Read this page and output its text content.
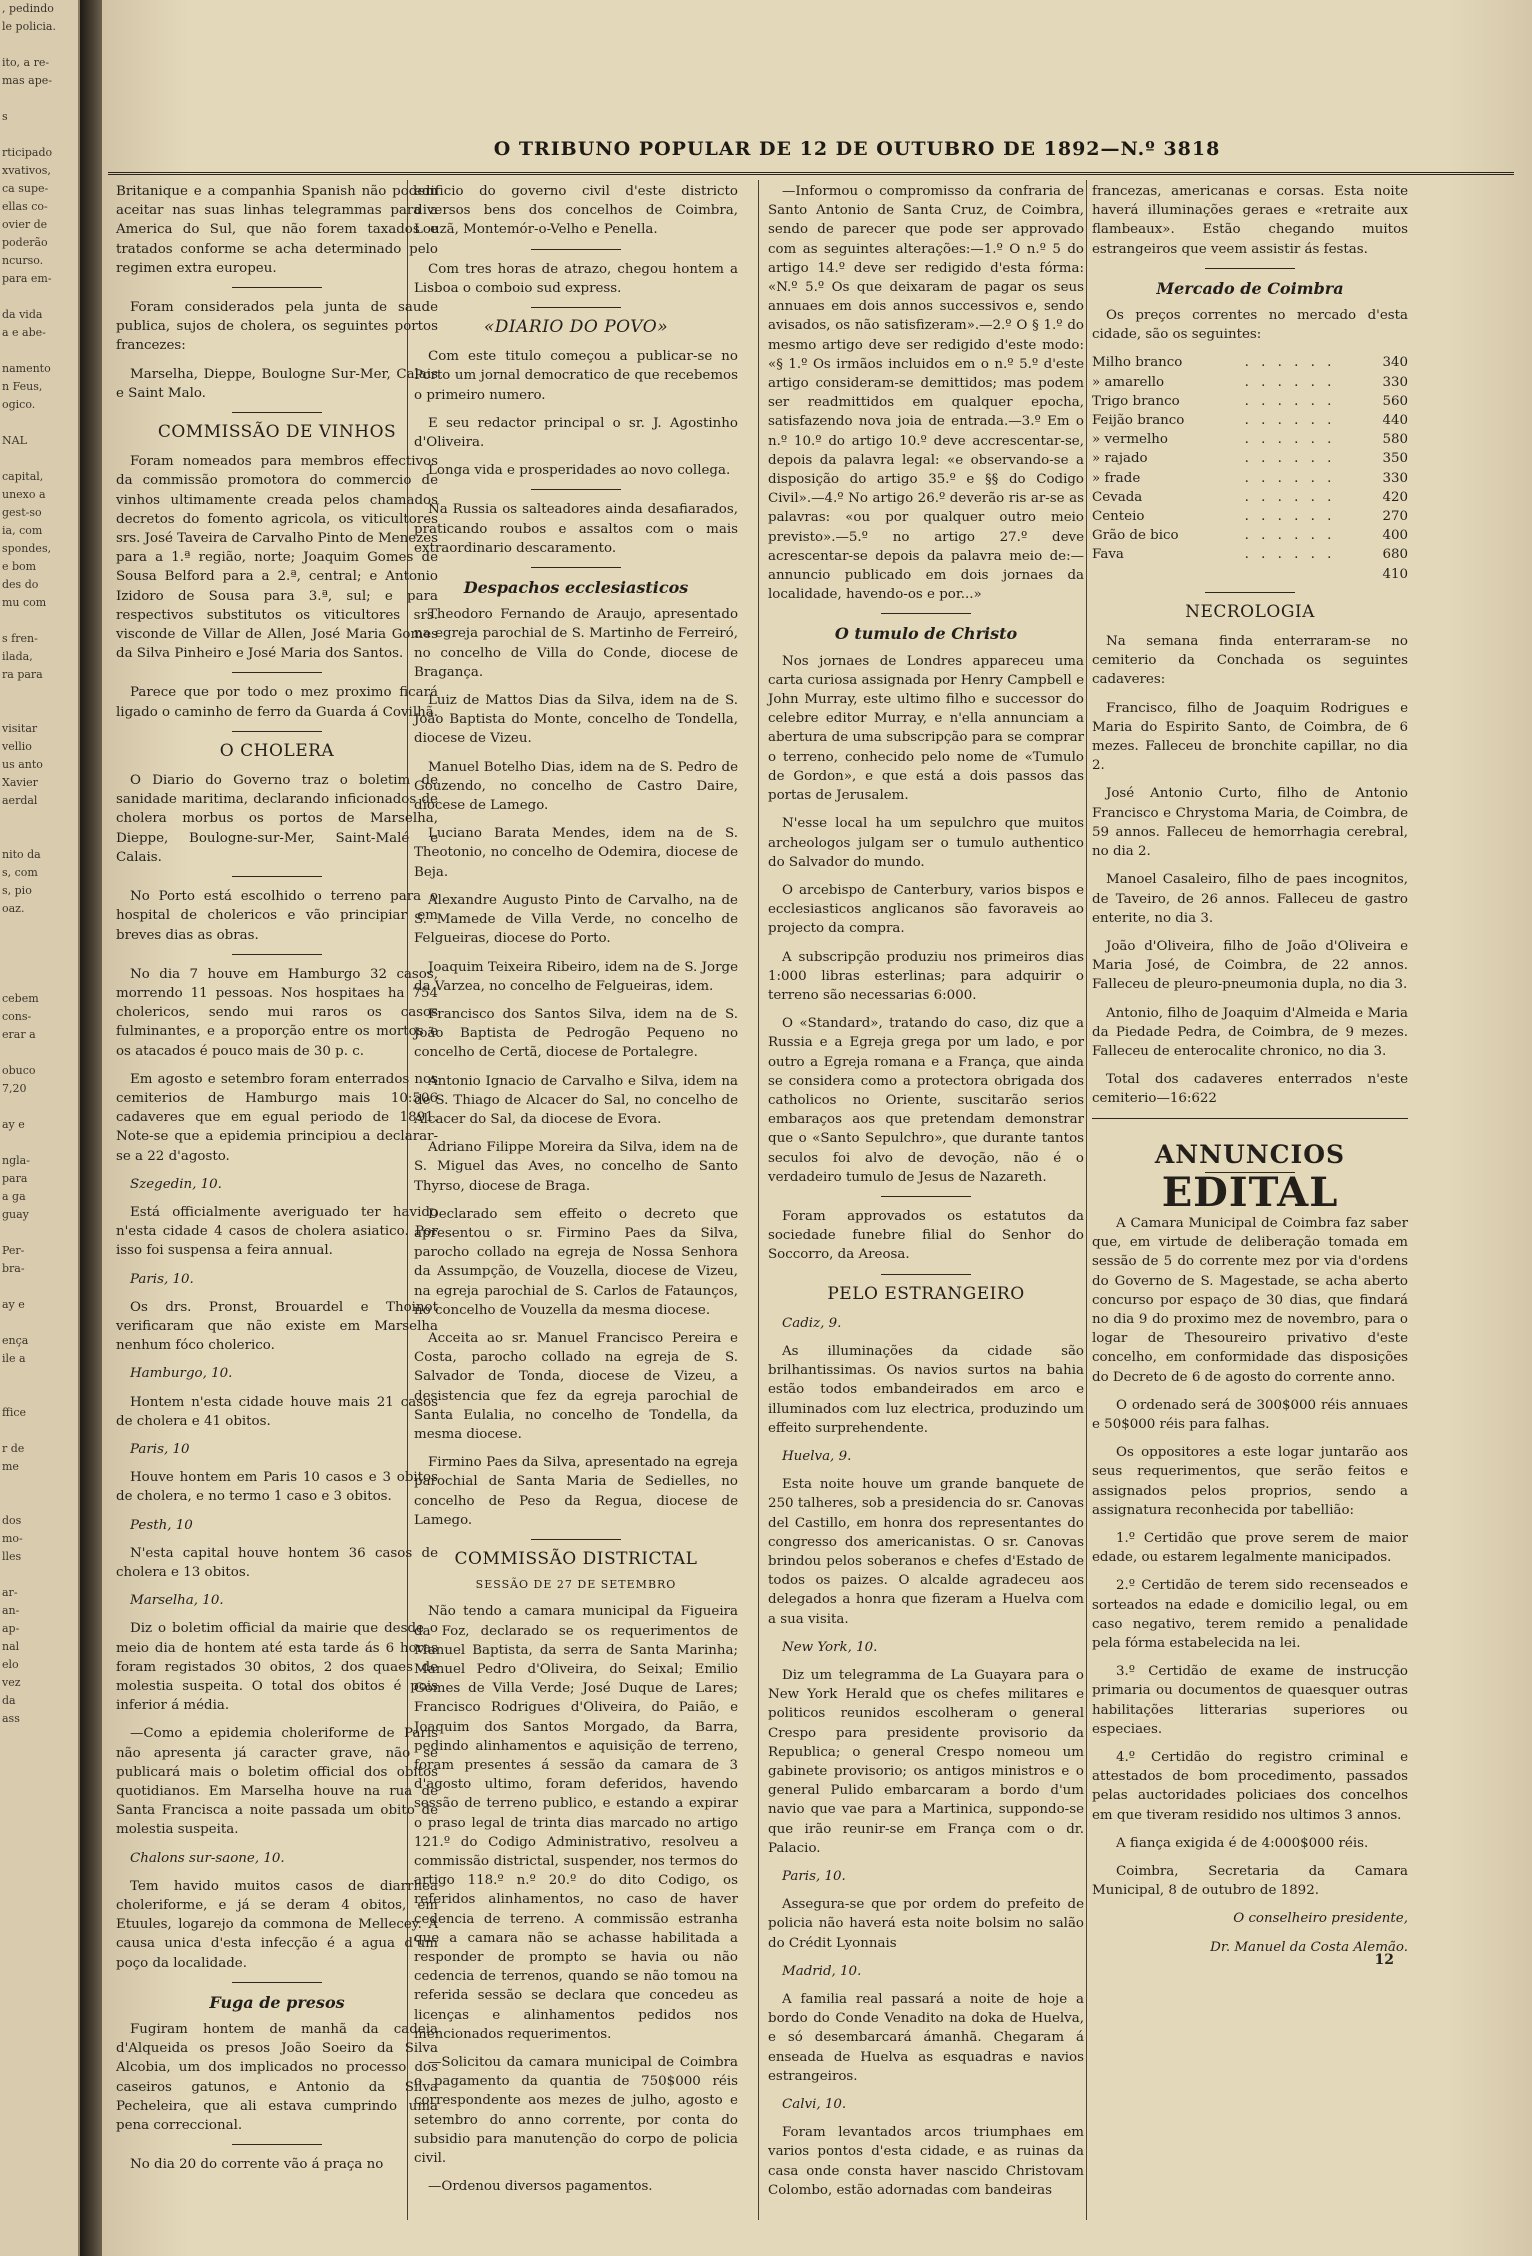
, pedindo
le policia.

ito, a re-
mas ape-

s

rticipado
xvativos,
ca supe-
ellas co-
ovier de
poderão
ncurso.
para em-

da vida
a e abe-

namento
n Feus,
ogico.

NAL

capital,
unexo a
gest-so
ia, com
spondes,
e bom
des do
mu com

s fren-
ilada,
ra para

visitar
vellio
us anto
Xavier
aerdal

nito da
s, com
s, pio
oaz.

cebem
cons-
erar a

obuco
7,20

ay e

ngla-
para
a ga
guay

Per-
bra-

ay e

ença
ile a

ffice

r de
me

dos
mo-
lles

ar-
an-
ap-
nal
elo
vez
da
ass
O TRIBUNO POPULAR DE 12 DE OUTUBRO DE 1892—N.º 3818

Britanique e a companhia Spanish não podem aceitar nas suas linhas telegrammas para a America do Sul, que não forem taxados e tratados conforme se acha determinado pelo regimen extra europeu.

Foram considerados pela junta de saude publica, sujos de cholera, os seguintes portos francezes:

Marselha, Dieppe, Boulogne Sur-Mer, Calais e Saint Malo.

COMMISSÃO DE VINHOS

Foram nomeados para membros effectivos da commissão promotora do commercio de vinhos ultimamente creada pelos chamados decretos do fomento agricola, os viticultores srs. José Taveira de Carvalho Pinto de Menezes para a 1.ª região, norte; Joaquim Gomes de Sousa Belford para a 2.ª, central; e Antonio Izidoro de Sousa para 3.ª, sul; e para respectivos substitutos os viticultores srs. visconde de Villar de Allen, José Maria Gomes da Silva Pinheiro e José Maria dos Santos.

Parece que por todo o mez proximo ficará ligado o caminho de ferro da Guarda á Covilhã.

O CHOLERA

O Diario do Governo traz o boletim de sanidade maritima, declarando inficionados de cholera morbus os portos de Marselha, Dieppe, Boulogne-sur-Mer, Saint-Malé e Calais.

No Porto está escolhido o terreno para o hospital de cholericos e vão principiar em breves dias as obras.

No dia 7 houve em Hamburgo 32 casos, morrendo 11 pessoas. Nos hospitaes ha 754 cholericos, sendo mui raros os casos fulminantes, e a proporção entre os mortos e os atacados é pouco mais de 30 p. c.

Em agosto e setembro foram enterrados nos cemiterios de Hamburgo mais 10:506 cadaveres que em egual periodo de 1891. Note-se que a epidemia principiou a declarar-se a 22 d'agosto.

Szegedin, 10.

Está officialmente averiguado ter havido n'esta cidade 4 casos de cholera asiatico. Por isso foi suspensa a feira annual.

Paris, 10.

Os drs. Pronst, Brouardel e Thoinot verificaram que não existe em Marselha nenhum fóco cholerico.

Hamburgo, 10.

Hontem n'esta cidade houve mais 21 casos de cholera e 41 obitos.

Paris, 10

Houve hontem em Paris 10 casos e 3 obitos de cholera, e no termo 1 caso e 3 obitos.

Pesth, 10

N'esta capital houve hontem 36 casos de cholera e 13 obitos.

Marselha, 10.

Diz o boletim official da mairie que desde o meio dia de hontem até esta tarde ás 6 horas foram registados 30 obitos, 2 dos quaes de molestia suspeita. O total dos obitos é pois inferior á média.

—Como a epidemia choleriforme de Paris não apresenta já caracter grave, não se publicará mais o boletim official dos obitos quotidianos. Em Marselha houve na rua de Santa Francisca a noite passada um obito de molestia suspeita.

Chalons sur-saone, 10.

Tem havido muitos casos de diarrhea choleriforme, e já se deram 4 obitos, em Etuules, logarejo da commona de Mellecey. A causa unica d'esta infecção é a agua d'um poço da localidade.

Fuga de presos

Fugiram hontem de manhã da cadeia d'Alqueida os presos João Soeiro da Silva Alcobia, um dos implicados no processo dos caseiros gatunos, e Antonio da Silva Pecheleira, que ali estava cumprindo uma pena correccional.

No dia 20 do corrente vão á praça no

edificio do governo civil d'este districto diversos bens dos concelhos de Coimbra, Louzã, Montemór-o-Velho e Penella.

Com tres horas de atrazo, chegou hontem a Lisboa o comboio sud express.

«DIARIO DO POVO»

Com este titulo começou a publicar-se no Porto um jornal democratico de que recebemos o primeiro numero.

E seu redactor principal o sr. J. Agostinho d'Oliveira.

Longa vida e prosperidades ao novo collega.

Na Russia os salteadores ainda desafiarados, praticando roubos e assaltos com o mais extraordinario descaramento.

Despachos ecclesiasticos

Theodoro Fernando de Araujo, apresentado na egreja parochial de S. Martinho de Ferreiró, no concelho de Villa do Conde, diocese de Bragança.

Luiz de Mattos Dias da Silva, idem na de S. João Baptista do Monte, concelho de Tondella, diocese de Vizeu.

Manuel Botelho Dias, idem na de S. Pedro de Gouzendo, no concelho de Castro Daire, diocese de Lamego.

Luciano Barata Mendes, idem na de S. Theotonio, no concelho de Odemira, diocese de Beja.

Alexandre Augusto Pinto de Carvalho, na de S. Mamede de Villa Verde, no concelho de Felgueiras, diocese do Porto.

Joaquim Teixeira Ribeiro, idem na de S. Jorge da Varzea, no concelho de Felgueiras, idem.

Francisco dos Santos Silva, idem na de S. João Baptista de Pedrogão Pequeno no concelho de Certã, diocese de Portalegre.

Antonio Ignacio de Carvalho e Silva, idem na de S. Thiago de Alcacer do Sal, no concelho de Alcacer do Sal, da diocese de Evora.

Adriano Filippe Moreira da Silva, idem na de S. Miguel das Aves, no concelho de Santo Thyrso, diocese de Braga.

Declarado sem effeito o decreto que apresentou o sr. Firmino Paes da Silva, parocho collado na egreja de Nossa Senhora da Assumpção, de Vouzella, diocese de Vizeu, na egreja parochial de S. Carlos de Fataunços, no concelho de Vouzella da mesma diocese.

Acceita ao sr. Manuel Francisco Pereira e Costa, parocho collado na egreja de S. Salvador de Tonda, diocese de Vizeu, a desistencia que fez da egreja parochial de Santa Eulalia, no concelho de Tondella, da mesma diocese.

Firmino Paes da Silva, apresentado na egreja parochial de Santa Maria de Sedielles, no concelho de Peso da Regua, diocese de Lamego.

COMMISSÃO DISTRICTAL
SESSÃO DE 27 DE SETEMBRO

Não tendo a camara municipal da Figueira da Foz, declarado se os requerimentos de Manuel Baptista, da serra de Santa Marinha; Manuel Pedro d'Oliveira, do Seixal; Emilio Gomes de Villa Verde; José Duque de Lares; Francisco Rodrigues d'Oliveira, do Paião, e Joaquim dos Santos Morgado, da Barra, pedindo alinhamentos e aquisição de terreno, foram presentes á sessão da camara de 3 d'agosto ultimo, foram deferidos, havendo sessão de terreno publico, e estando a expirar o praso legal de trinta dias marcado no artigo 121.º do Codigo Administrativo, resolveu a commissão districtal, suspender, nos termos do artigo 118.º n.º 20.º do dito Codigo, os referidos alinhamentos, no caso de haver cedencia de terreno. A commissão estranha que a camara não se achasse habilitada a responder de prompto se havia ou não cedencia de terrenos, quando se não tomou na referida sessão se declara que concedeu as licenças e alinhamentos pedidos nos mencionados requerimentos.

—Solicitou da camara municipal de Coimbra o pagamento da quantia de 750$000 réis correspondente aos mezes de julho, agosto e setembro do anno corrente, por conta do subsidio para manutenção do corpo de policia civil.

—Ordenou diversos pagamentos.

—Informou o compromisso da confraria de Santo Antonio de Santa Cruz, de Coimbra, sendo de parecer que pode ser approvado com as seguintes alterações:—1.º O n.º 5 do artigo 14.º deve ser redigido d'esta fórma: «N.º 5.º Os que deixaram de pagar os seus annuaes em dois annos successivos e, sendo avisados, os não satisfizeram».—2.º O § 1.º do mesmo artigo deve ser redigido d'este modo: «§ 1.º Os irmãos incluidos em o n.º 5.º d'este artigo consideram-se demittidos; mas podem ser readmittidos em qualquer epocha, satisfazendo nova joia de entrada.—3.º Em o n.º 10.º do artigo 10.º deve accrescentar-se, depois da palavra legal: «e observando-se a disposição do artigo 35.º e §§ do Codigo Civil».—4.º No artigo 26.º deverão ris ar-se as palavras: «ou por qualquer outro meio previsto».—5.º no artigo 27.º deve acrescentar-se depois da palavra meio de:—annuncio publicado em dois jornaes da localidade, havendo-os e por...»

O tumulo de Christo

Nos jornaes de Londres appareceu uma carta curiosa assignada por Henry Campbell e John Murray, este ultimo filho e successor do celebre editor Murray, e n'ella annunciam a abertura de uma subscripção para se comprar o terreno, conhecido pelo nome de «Tumulo de Gordon», e que está a dois passos das portas de Jerusalem.

N'esse local ha um sepulchro que muitos archeologos julgam ser o tumulo authentico do Salvador do mundo.

O arcebispo de Canterbury, varios bispos e ecclesiasticos anglicanos são favoraveis ao projecto da compra.

A subscripção produziu nos primeiros dias 1:000 libras esterlinas; para adquirir o terreno são necessarias 6:000.

O «Standard», tratando do caso, diz que a Russia e a Egreja grega por um lado, e por outro a Egreja romana e a França, que ainda se considera como a protectora obrigada dos catholicos no Oriente, suscitarão serios embaraços aos que pretendam demonstrar que o «Santo Sepulchro», que durante tantos seculos foi alvo de devoção, não é o verdadeiro tumulo de Jesus de Nazareth.

Foram approvados os estatutos da sociedade funebre filial do Senhor do Soccorro, da Areosa.

PELO ESTRANGEIRO

Cadiz, 9.

As illuminações da cidade são brilhantissimas. Os navios surtos na bahia estão todos embandeirados em arco e illuminados com luz electrica, produzindo um effeito surprehendente.

Huelva, 9.

Esta noite houve um grande banquete de 250 talheres, sob a presidencia do sr. Canovas del Castillo, em honra dos representantes do congresso dos americanistas. O sr. Canovas brindou pelos soberanos e chefes d'Estado de todos os paizes. O alcalde agradeceu aos delegados a honra que fizeram a Huelva com a sua visita.

New York, 10.

Diz um telegramma de La Guayara para o New York Herald que os chefes militares e politicos reunidos escolheram o general Crespo para presidente provisorio da Republica; o general Crespo nomeou um gabinete provisorio; os antigos ministros e o general Pulido embarcaram a bordo d'um navio que vae para a Martinica, suppondo-se que irão reunir-se em França com o dr. Palacio.

Paris, 10.

Assegura-se que por ordem do prefeito de policia não haverá esta noite bolsim no salão do Crédit Lyonnais

Madrid, 10.

A familia real passará a noite de hoje a bordo do Conde Venadito na doka de Huelva, e só desembarcará ámanhã. Chegaram á enseada de Huelva as esquadras e navios estrangeiros.

Calvi, 10.

Foram levantados arcos triumphaes em varios pontos d'esta cidade, e as ruinas da casa onde consta haver nascido Christovam Colombo, estão adornadas com bandeiras

francezas, americanas e corsas. Esta noite haverá illuminações geraes e «retraite aux flambeaux». Estão chegando muitos estrangeiros que veem assistir ás festas.

Mercado de Coimbra

Os preços correntes no mercado d'esta cidade, são os seguintes:

Milho branco	. . . . . .	340
» amarello	. . . . . .	330
Trigo branco	. . . . . .	560
Feijão branco	. . . . . .	440
» vermelho	. . . . . .	580
» rajado	. . . . . .	350
» frade	. . . . . .	330
Cevada	. . . . . .	420
Centeio	. . . . . .	270
Grão de bico	. . . . . .	400
Fava	. . . . . .	680
410
NECROLOGIA

Na semana finda enterraram-se no cemiterio da Conchada os seguintes cadaveres:

Francisco, filho de Joaquim Rodrigues e Maria do Espirito Santo, de Coimbra, de 6 mezes. Falleceu de bronchite capillar, no dia 2.

José Antonio Curto, filho de Antonio Francisco e Chrystoma Maria, de Coimbra, de 59 annos. Falleceu de hemorrhagia cerebral, no dia 2.

Manoel Casaleiro, filho de paes incognitos, de Taveiro, de 26 annos. Falleceu de gastro enterite, no dia 3.

João d'Oliveira, filho de João d'Oliveira e Maria José, de Coimbra, de 22 annos. Falleceu de pleuro-pneumonia dupla, no dia 3.

Antonio, filho de Joaquim d'Almeida e Maria da Piedade Pedra, de Coimbra, de 9 mezes. Falleceu de enterocalite chronico, no dia 3.

Total dos cadaveres enterrados n'este cemiterio—16:622

ANNUNCIOS
EDITAL

A Camara Municipal de Coimbra faz saber que, em virtude de deliberação tomada em sessão de 5 do corrente mez por via d'ordens do Governo de S. Magestade, se acha aberto concurso por espaço de 30 dias, que findará no dia 9 do proximo mez de novembro, para o logar de Thesoureiro privativo d'este concelho, em conformidade das disposições do Decreto de 6 de agosto do corrente anno.

O ordenado será de 300$000 réis annuaes e 50$000 réis para falhas.

Os oppositores a este logar juntarão aos seus requerimentos, que serão feitos e assignados pelos proprios, sendo a assignatura reconhecida por tabellião:

1.º Certidão que prove serem de maior edade, ou estarem legalmente manicipados.

2.º Certidão de terem sido recenseados e sorteados na edade e domicilio legal, ou em caso negativo, terem remido a penalidade pela fórma estabelecida na lei.

3.º Certidão de exame de instrucção primaria ou documentos de quaesquer outras habilitações litterarias superiores ou especiaes.

4.º Certidão do registro criminal e attestados de bom procedimento, passados pelas auctoridades policiaes dos concelhos em que tiveram residido nos ultimos 3 annos.

A fiança exigida é de 4:000$000 réis.

Coimbra, Secretaria da Camara Municipal, 8 de outubro de 1892.

O conselheiro presidente,

Dr. Manuel da Costa Alemão.

12
